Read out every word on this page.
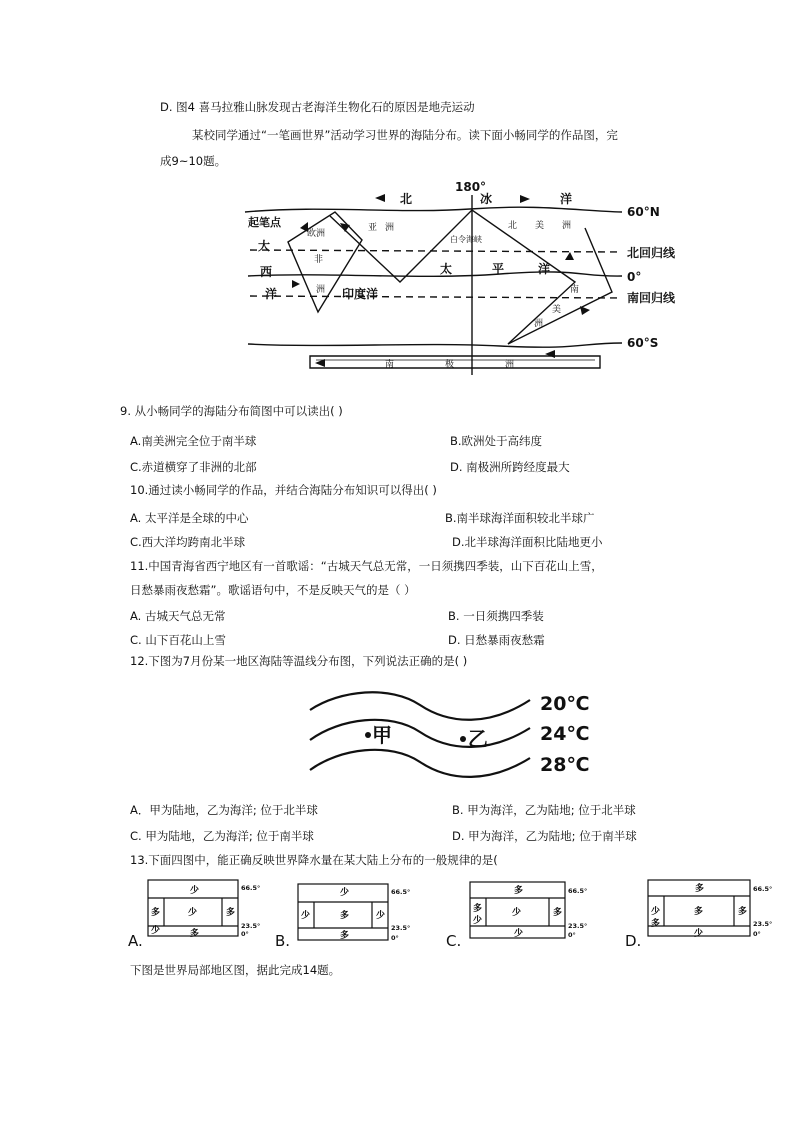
D. 图4 喜马拉雅山脉发现古老海洋生物化石的原因是地壳运动
某校同学通过“一笔画世界”活动学习世界的海陆分布。读下面小畅同学的作品图，完
成9~10题。
180°
60°N
北回归线
0°
南回归线
60°S
起笔点
北	冰	洋
大
西
洋	印度洋
太	平	洋
亚 洲
欧洲
非
洲
白令海峡
北 美 洲
南
美
洲
南	极	洲
9. 从小畅同学的海陆分布简图中可以读出( )
A.南美洲完全位于南半球	B.欧洲处于高纬度
C.赤道横穿了非洲的北部	D. 南极洲所跨经度最大
10.通过读小畅同学的作品，并结合海陆分布知识可以得出( )
A. 太平洋是全球的中心	B.南半球海洋面积较北半球广
C.西大洋均跨南北半球	D.北半球海洋面积比陆地更小
11.中国青海省西宁地区有一首歌谣：“古城天气总无常，一日须携四季装，山下百花山上雪，
日愁暴雨夜愁霜”。歌谣语句中，不是反映天气的是（ ）
A. 古城天气总无常	B. 一日须携四季装
C. 山下百花山上雪	D. 日愁暴雨夜愁霜
12.下图为7月份某一地区海陆等温线分布图，下列说法正确的是( )
甲	乙
20℃
24℃
28℃
A．甲为陆地，乙为海洋; 位于北半球	B. 甲为海洋，乙为陆地; 位于北半球
C. 甲为陆地，乙为海洋; 位于南半球	D. 甲为海洋，乙为陆地; 位于南半球
13.下面四图中，能正确反映世界降水量在某大陆上分布的一般规律的是(
少
多	少	多
少	多
少
少	多	少
多
多
多
少
少	多
少
多
少
多
多	多
少
66.5°
23.5°
0°
66.5°
23.5°
0°
66.5°
23.5°
0°
66.5°
23.5°
0°
A.	B.	C.	D.
下图是世界局部地区图，据此完成14题。
